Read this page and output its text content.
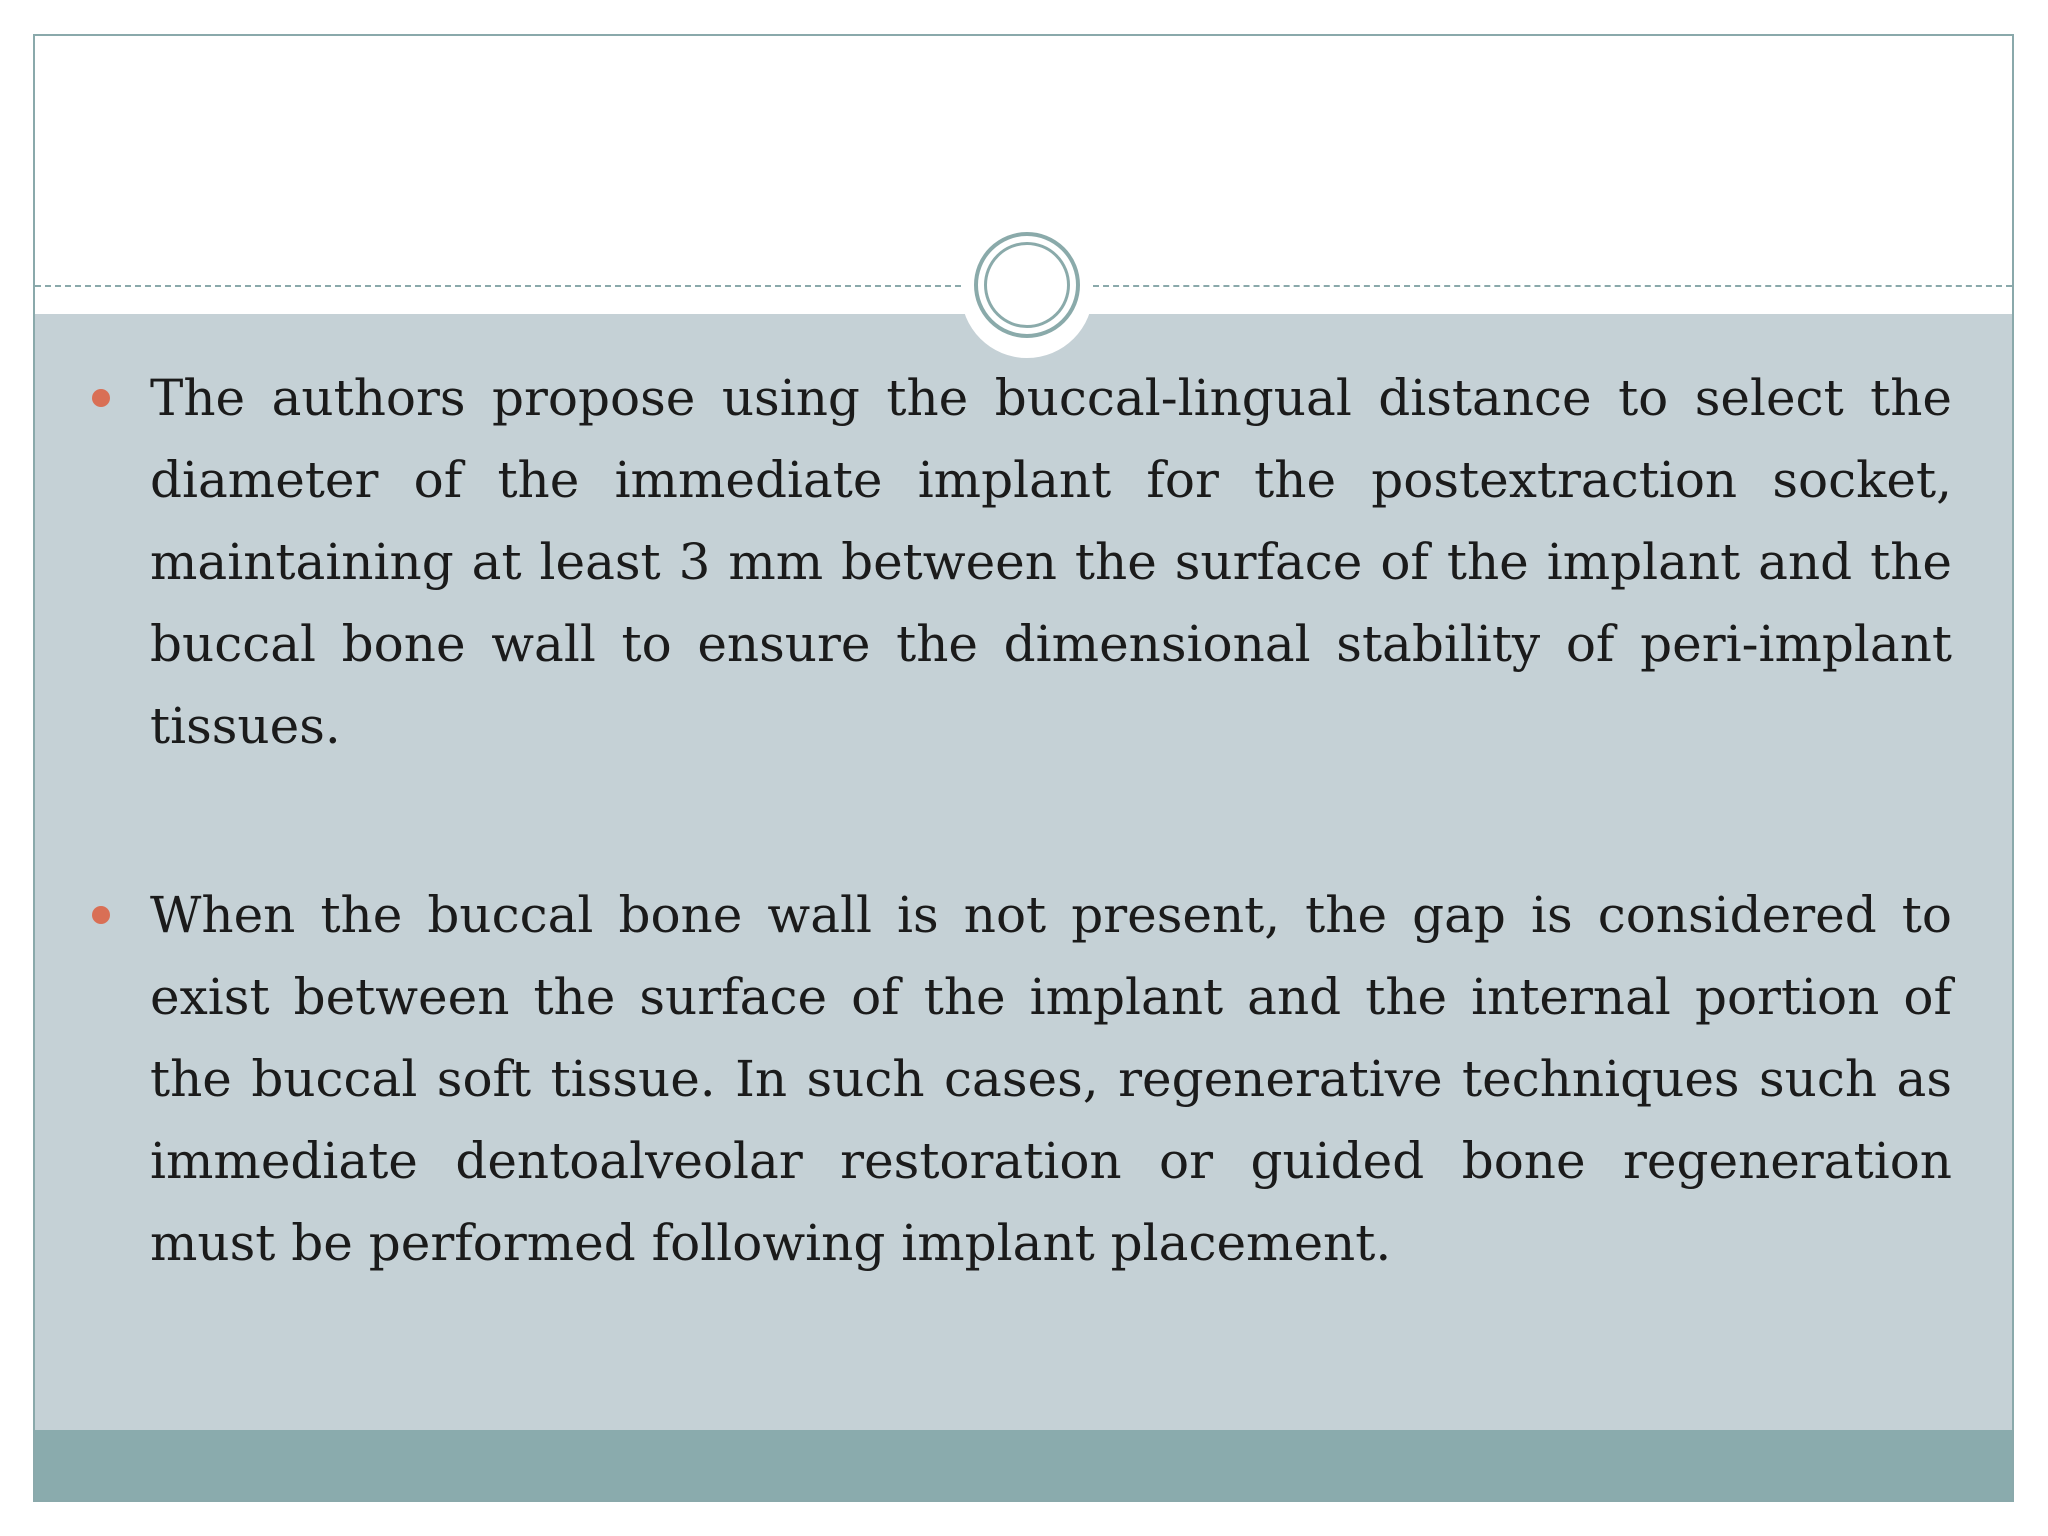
The authors propose using the buccal-lingual distance to select the diameter of the immediate implant for the postextraction socket, maintaining at least 3 mm between the surface of the implant and the buccal bone wall to ensure the dimensional stability of peri-implant tissues.
When the buccal bone wall is not present, the gap is considered to exist between the surface of the implant and the internal portion of the buccal soft tissue. In such cases, regenerative techniques such as immediate dentoalveolar restoration or guided bone regeneration must be performed following implant placement.
